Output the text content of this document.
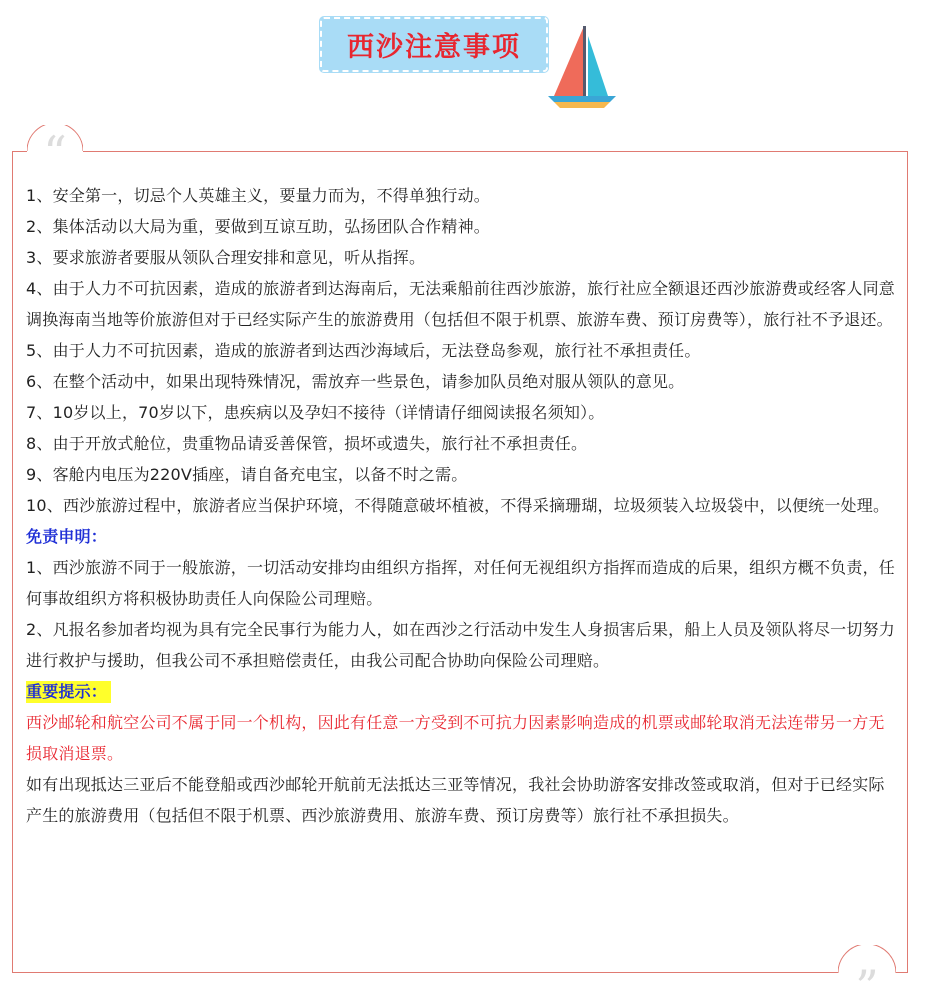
西沙注意事项
“
”

1、安全第一，切忌个人英雄主义，要量力而为，不得单独行动。

2、集体活动以大局为重，要做到互谅互助，弘扬团队合作精神。

3、要求旅游者要服从领队合理安排和意见，听从指挥。

4、由于人力不可抗因素，造成的旅游者到达海南后，无法乘船前往西沙旅游，旅行社应全额退还西沙旅游费或经客人同意调换海南当地等价旅游但对于已经实际产生的旅游费用（包括但不限于机票、旅游车费、预订房费等），旅行社不予退还。

5、由于人力不可抗因素，造成的旅游者到达西沙海域后，无法登岛参观，旅行社不承担责任。

6、在整个活动中，如果出现特殊情况，需放弃一些景色，请参加队员绝对服从领队的意见。

7、10岁以上，70岁以下，患疾病以及孕妇不接待（详情请仔细阅读报名须知）。

8、由于开放式舱位，贵重物品请妥善保管，损坏或遗失，旅行社不承担责任。

9、客舱内电压为220V插座，请自备充电宝，以备不时之需。

10、西沙旅游过程中，旅游者应当保护环境，不得随意破坏植被，不得采摘珊瑚，垃圾须装入垃圾袋中，以便统一处理。

免责申明：

1、西沙旅游不同于一般旅游，一切活动安排均由组织方指挥，对任何无视组织方指挥而造成的后果，组织方概不负责，任何事故组织方将积极协助责任人向保险公司理赔。

2、凡报名参加者均视为具有完全民事行为能力人，如在西沙之行活动中发生人身损害后果，船上人员及领队将尽一切努力进行救护与援助，但我公司不承担赔偿责任，由我公司配合协助向保险公司理赔。

重要提示：

西沙邮轮和航空公司不属于同一个机构，因此有任意一方受到不可抗力因素影响造成的机票或邮轮取消无法连带另一方无损取消退票。

如有出现抵达三亚后不能登船或西沙邮轮开航前无法抵达三亚等情况，我社会协助游客安排改签或取消，但对于已经实际产生的旅游费用（包括但不限于机票、西沙旅游费用、旅游车费、预订房费等）旅行社不承担损失。
